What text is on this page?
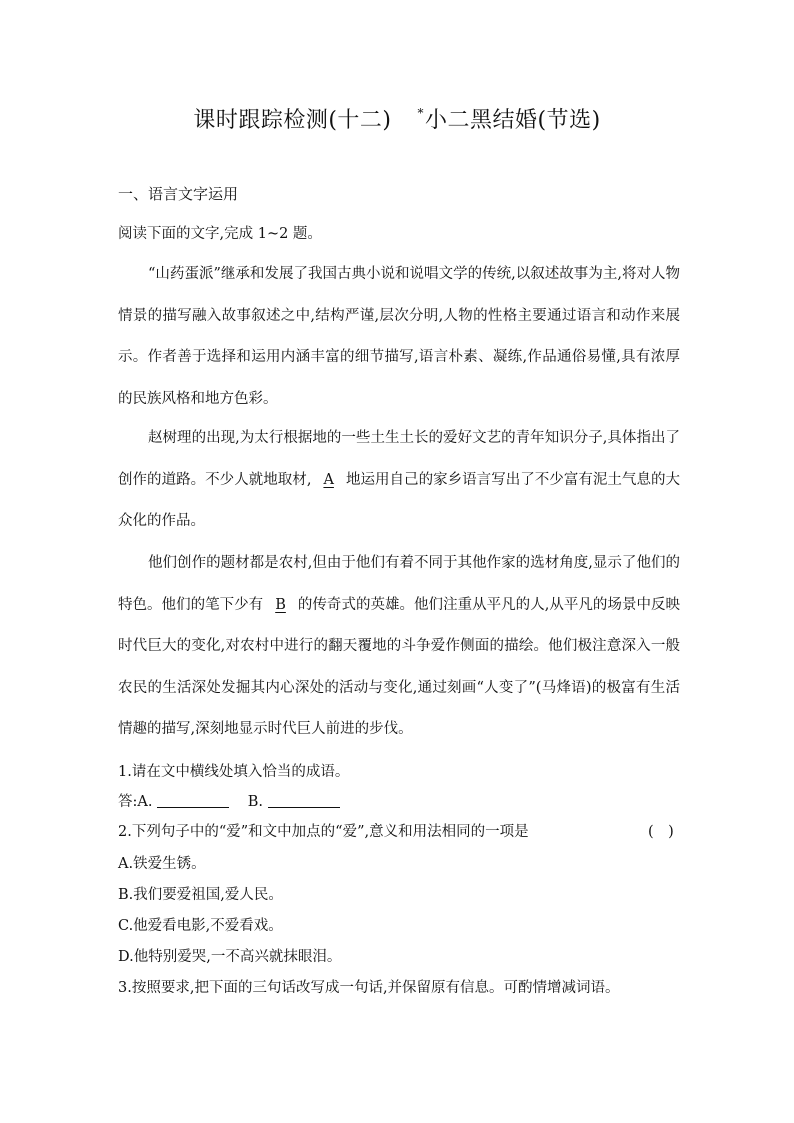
课时跟踪检测(十二) *小二黑结婚(节选)
一、语言文字运用
阅读下面的文字,完成 1~2 题。

“山药蛋派”继承和发展了我国古典小说和说唱文学的传统,以叙述故事为主,将对人物情景的描写融入故事叙述之中,结构严谨,层次分明,人物的性格主要通过语言和动作来展示。作者善于选择和运用内涵丰富的细节描写,语言朴素、凝练,作品通俗易懂,具有浓厚的民族风格和地方色彩。

赵树理的出现,为太行根据地的一些土生土长的爱好文艺的青年知识分子,具体指出了创作的道路。不少人就地取材, A 地运用自己的家乡语言写出了不少富有泥土气息的大众化的作品。

他们创作的题材都是农村,但由于他们有着不同于其他作家的选材角度,显示了他们的特色。他们的笔下少有 B 的传奇式的英雄。他们注重从平凡的人,从平凡的场景中反映时代巨大的变化,对农村中进行的翻天覆地的斗争爱作侧面的描绘。他们极注意深入一般农民的生活深处发掘其内心深处的活动与变化,通过刻画“人变了”(马烽语)的极富有生活情趣的描写,深刻地显示时代巨人前进的步伐。

1.请在文中横线处填入恰当的成语。
答:A.	B.
2.下列句子中的“爱”和文中加点的“爱”,意义和用法相同的一项是	(　)
A.铁爱生锈。
B.我们要爱祖国,爱人民。
C.他爱看电影,不爱看戏。
D.他特别爱哭,一不高兴就抹眼泪。
3.按照要求,把下面的三句话改写成一句话,并保留原有信息。可酌情增减词语。
